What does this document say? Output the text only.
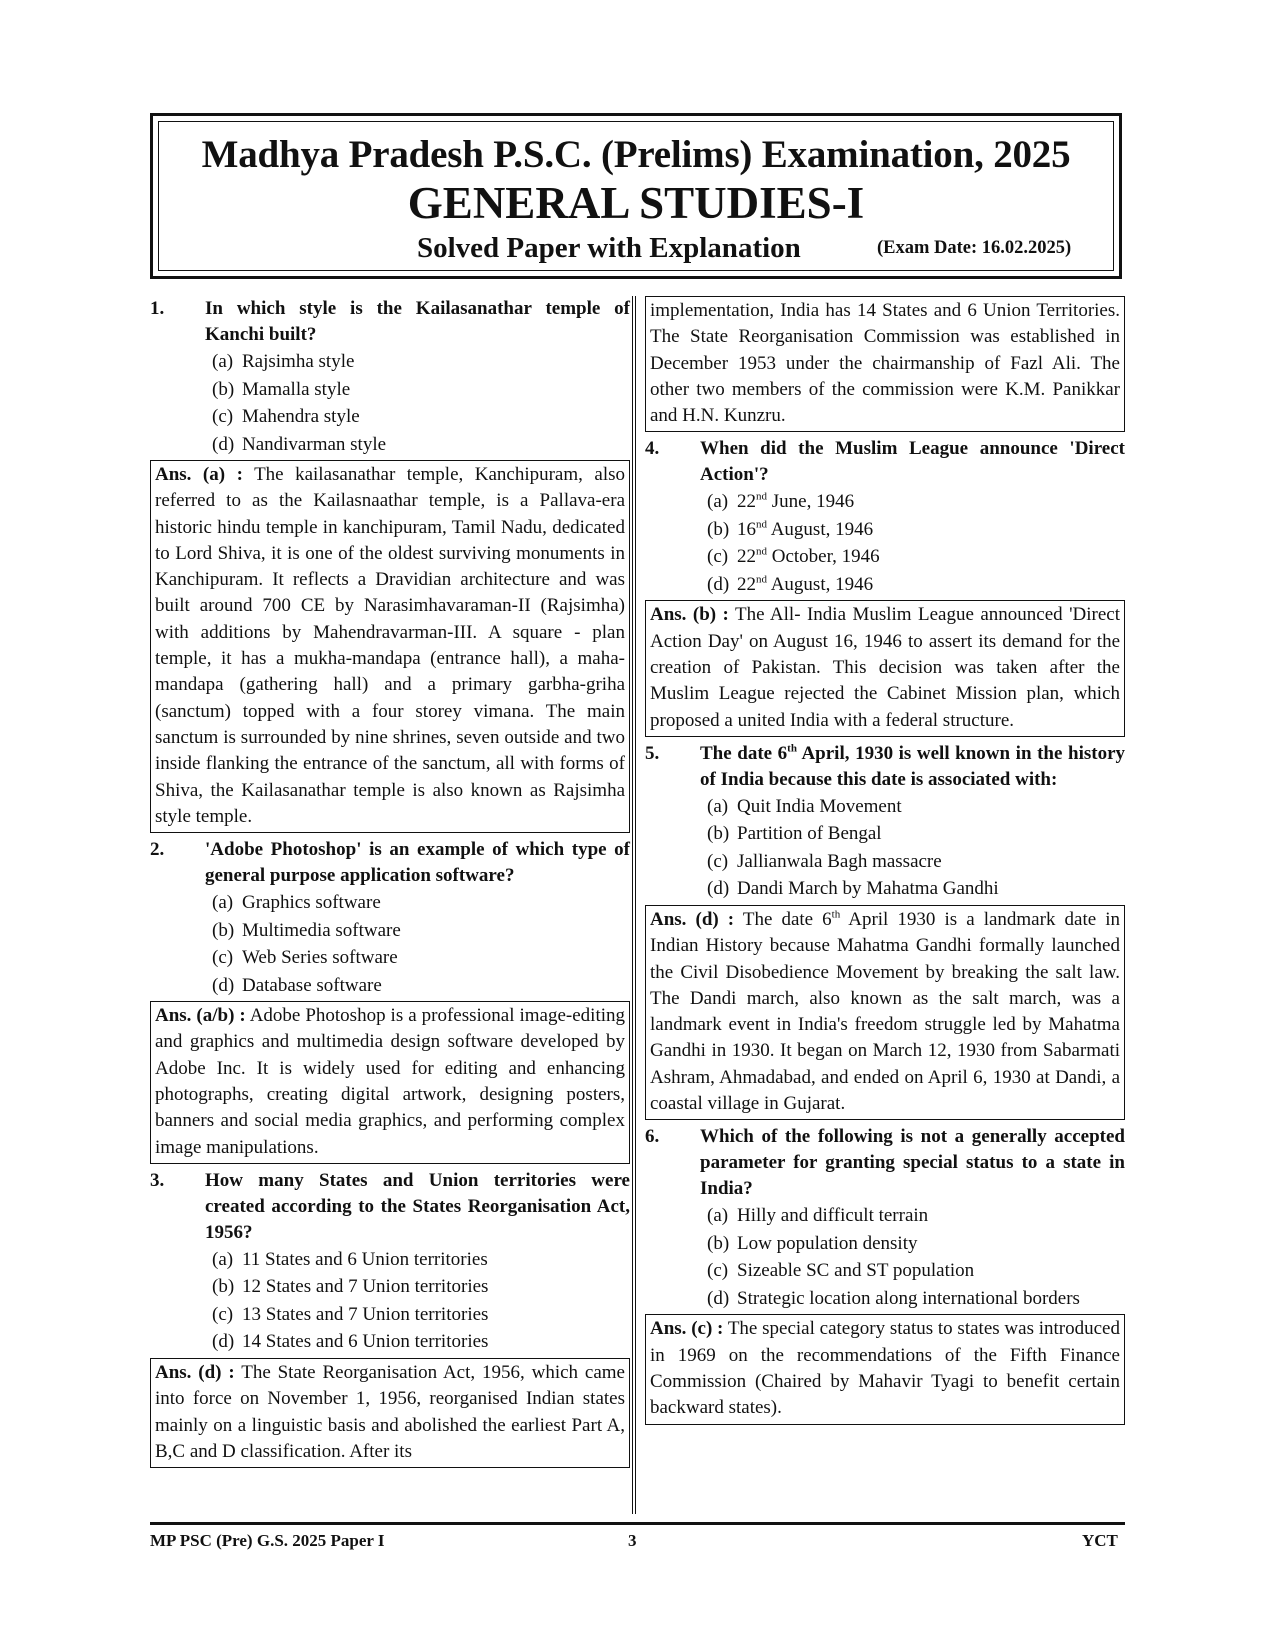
Madhya Pradesh P.S.C. (Prelims) Examination, 2025
GENERAL STUDIES-I
Solved Paper with Explanation	(Exam Date: 16.02.2025)
1. In which style is the Kailasanathar temple of Kanchi built?
(a) Rajsimha style
(b) Mamalla style
(c) Mahendra style
(d) Nandivarman style
Ans. (a) : The kailasanathar temple, Kanchipuram, also referred to as the Kailasnaathar temple, is a Pallava-era historic hindu temple in kanchipuram, Tamil Nadu, dedicated to Lord Shiva, it is one of the oldest surviving monuments in Kanchipuram. It reflects a Dravidian architecture and was built around 700 CE by Narasimhavaraman-II (Rajsimha) with additions by Mahendravarman-III. A square - plan temple, it has a mukha-mandapa (entrance hall), a maha-mandapa (gathering hall) and a primary garbha-griha (sanctum) topped with a four storey vimana. The main sanctum is surrounded by nine shrines, seven outside and two inside flanking the entrance of the sanctum, all with forms of Shiva, the Kailasanathar temple is also known as Rajsimha style temple.
2. 'Adobe Photoshop' is an example of which type of general purpose application software?
(a) Graphics software
(b) Multimedia software
(c) Web Series software
(d) Database software
Ans. (a/b) : Adobe Photoshop is a professional image-editing and graphics and multimedia design software developed by Adobe Inc. It is widely used for editing and enhancing photographs, creating digital artwork, designing posters, banners and social media graphics, and performing complex image manipulations.
3. How many States and Union territories were created according to the States Reorganisation Act, 1956?
(a) 11 States and 6 Union territories
(b) 12 States and 7 Union territories
(c) 13 States and 7 Union territories
(d) 14 States and 6 Union territories
Ans. (d) : The State Reorganisation Act, 1956, which came into force on November 1, 1956, reorganised Indian states mainly on a linguistic basis and abolished the earliest Part A, B,C and D classification. After its
implementation, India has 14 States and 6 Union Territories. The State Reorganisation Commission was established in December 1953 under the chairmanship of Fazl Ali. The other two members of the commission were K.M. Panikkar and H.N. Kunzru.
4. When did the Muslim League announce 'Direct Action'?
(a) 22nd June, 1946
(b) 16nd August, 1946
(c) 22nd October, 1946
(d) 22nd August, 1946
Ans. (b) : The All- India Muslim League announced 'Direct Action Day' on August 16, 1946 to assert its demand for the creation of Pakistan. This decision was taken after the Muslim League rejected the Cabinet Mission plan, which proposed a united India with a federal structure.
5. The date 6th April, 1930 is well known in the history of India because this date is associated with:
(a) Quit India Movement
(b) Partition of Bengal
(c) Jallianwala Bagh massacre
(d) Dandi March by Mahatma Gandhi
Ans. (d) : The date 6th April 1930 is a landmark date in Indian History because Mahatma Gandhi formally launched the Civil Disobedience Movement by breaking the salt law. The Dandi march, also known as the salt march, was a landmark event in India's freedom struggle led by Mahatma Gandhi in 1930. It began on March 12, 1930 from Sabarmati Ashram, Ahmadabad, and ended on April 6, 1930 at Dandi, a coastal village in Gujarat.
6. Which of the following is not a generally accepted parameter for granting special status to a state in India?
(a) Hilly and difficult terrain
(b) Low population density
(c) Sizeable SC and ST population
(d) Strategic location along international borders
Ans. (c) : The special category status to states was introduced in 1969 on the recommendations of the Fifth Finance Commission (Chaired by Mahavir Tyagi to benefit certain backward states).
MP PSC (Pre) G.S. 2025 Paper I	3	YCT
